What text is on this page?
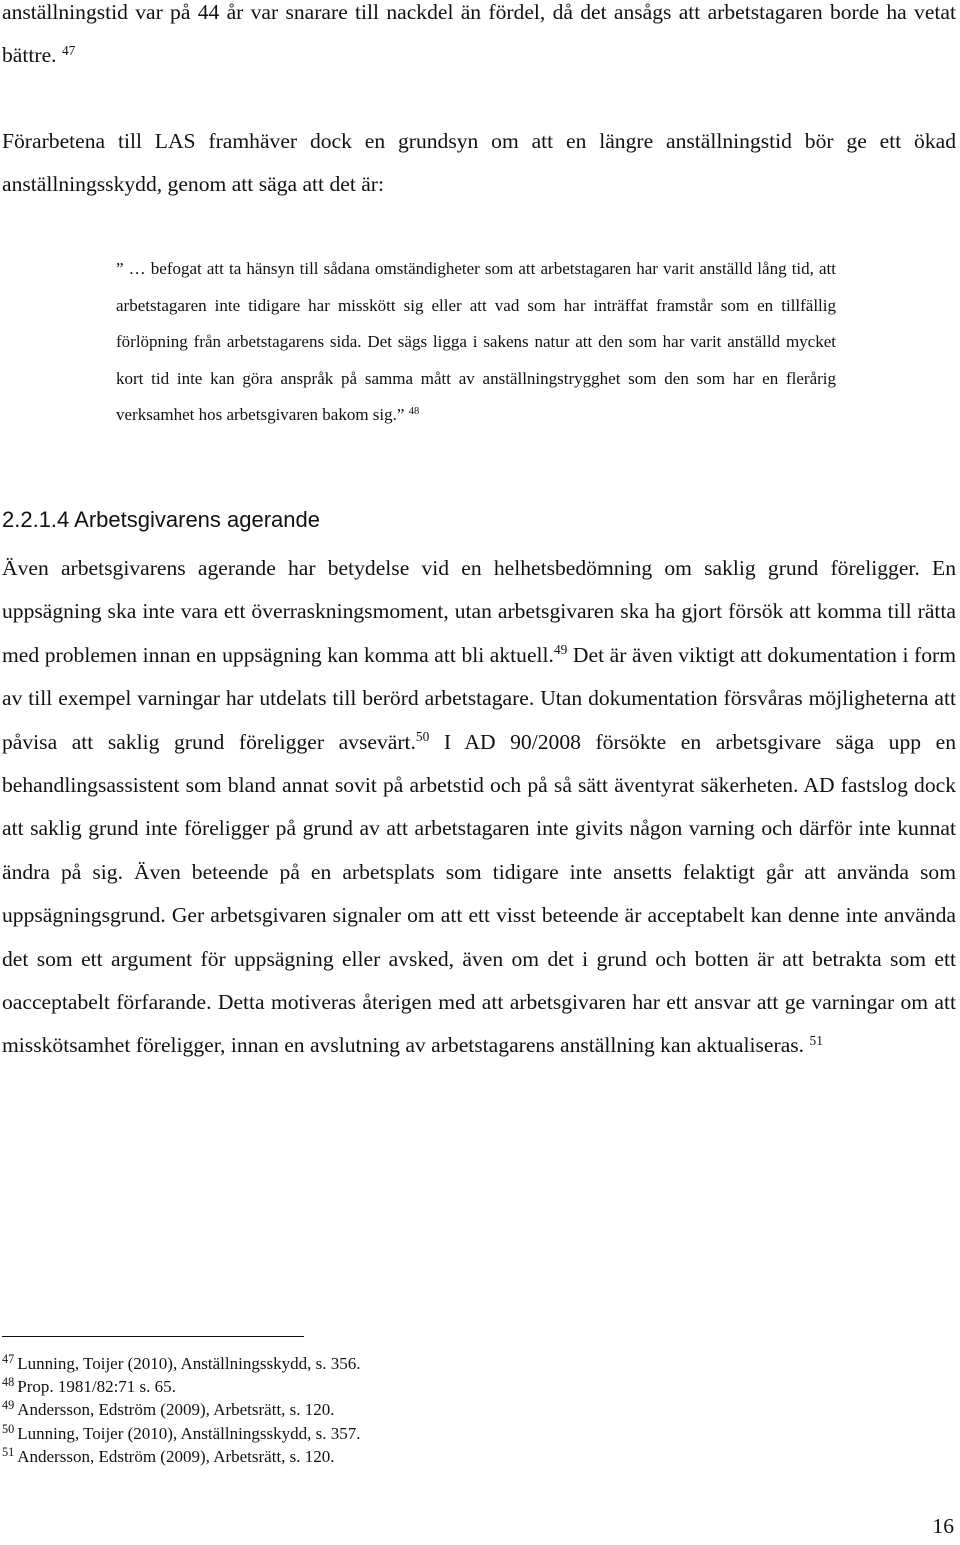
anställningstid var på 44 år var snarare till nackdel än fördel, då det ansågs att arbetstagaren borde ha vetat bättre. $^{47}$

Förarbetena till LAS framhäver dock en grundsyn om att en längre anställningstid bör ge ett ökad anställningsskydd, genom att säga att det är:

” … befogat att ta hänsyn till sådana omständigheter som att arbetstagaren har varit anställd lång tid, att arbetstagaren inte tidigare har misskött sig eller att vad som har inträffat framstår som en tillfällig förlöpning från arbetstagarens sida. Det sägs ligga i sakens natur att den som har varit anställd mycket kort tid inte kan göra anspråk på samma mått av anställningstrygghet som den som har en flerårig verksamhet hos arbetsgivaren bakom sig.” $^{48}$

2.2.1.4 Arbetsgivarens agerande

Även arbetsgivarens agerande har betydelse vid en helhetsbedömning om saklig grund föreligger. En uppsägning ska inte vara ett överraskningsmoment, utan arbetsgivaren ska ha gjort försök att komma till rätta med problemen innan en uppsägning kan komma att bli aktuell.$^{49}$ Det är även viktigt att dokumentation i form av till exempel varningar har utdelats till berörd arbetstagare. Utan dokumentation försvåras möjligheterna att påvisa att saklig grund föreligger avsevärt.$^{50}$ I AD 90/2008 försökte en arbetsgivare säga upp en behandlingsassistent som bland annat sovit på arbetstid och på så sätt äventyrat säkerheten. AD fastslog dock att saklig grund inte föreligger på grund av att arbetstagaren inte givits någon varning och därför inte kunnat ändra på sig. Även beteende på en arbetsplats som tidigare inte ansetts felaktigt går att använda som uppsägningsgrund. Ger arbetsgivaren signaler om att ett visst beteende är acceptabelt kan denne inte använda det som ett argument för uppsägning eller avsked, även om det i grund och botten är att betrakta som ett oacceptabelt förfarande. Detta motiveras återigen med att arbetsgivaren har ett ansvar att ge varningar om att misskötsamhet föreligger, innan en avslutning av arbetstagarens anställning kan aktualiseras. $^{51}$

$^{47}$ Lunning, Toijer (2010), Anställningsskydd, s. 356.
$^{48}$ Prop. 1981/82:71 s. 65.
$^{49}$ Andersson, Edström (2009), Arbetsrätt, s. 120.
$^{50}$ Lunning, Toijer (2010), Anställningsskydd, s. 357.
$^{51}$ Andersson, Edström (2009), Arbetsrätt, s. 120.
16
